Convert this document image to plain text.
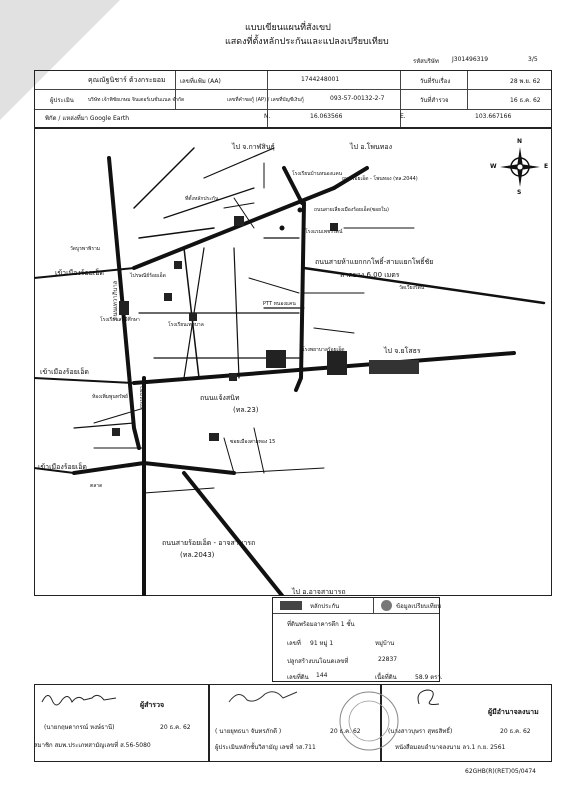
แบบเขียนแผนที่สังเขป
แสดงที่ตั้งหลักประกันและแปลงเปรียบเทียบ
รหัสบริษัท J301496319	3/5
คุณณัฐนิชาร์ ต้วงกระยอม เลขที่แฟ้ม (AA)	1744248001	วันที่รับเรื่อง	28 พ.ย. 62
ผู้ประเมิน	บริษัท เจ้าพิชัยเกษม จินเตอร์เนชั่นแนล จำกัด	เลขที่คำขอกู้ (AP) / เลขที่บัญชีเงินกู้	093-57-00132-2-7	วันที่สำรวจ	16 ธ.ค. 62
พิกัด / แหล่งที่มา Google Earth	N.	16.063566	E.	103.667166
ไป จ.กาฬสินธุ์	ไป อ.โพนทอง
ถนนร้อยเอ็ด - โพนทอง (ทล.2044)
ถนนสายเลี่ยงเมืองร้อยเอ็ด(ซอยใน)
ถนนสายห้าแยกกกโพธิ์-สามแยกโพธิ์ชัย
ลาดยาง 6.00 เมตร
ไป จ.ยโสธร
ถนนแจ้งสนิท
(ทล.23)
เข้าเมืองร้อยเอ็ด
เข้าเมืองร้อยเอ็ด
เข้าเมืองร้อยเอ็ด
ถนนสายร้อยเอ็ด - อาจสามารถ
(ทล.2043)
ไป อ.อาจสามารถ
ถนนเทวาภิบาล
ถนนบูรพา
โรงเรียนบ้านหนองแคน
ที่ตั้งหลักประกัน
โรงแรมเพชรรัตน์
วัดบูรพาพิราม
ไปรษณีย์ร้อยเอ็ด
PTT หนองแคน
โรงเรียนสตรีศึกษา
โรงพยาบาลร้อยเอ็ด
วัดเวียงรัตน์
โรงเรียนเทศบาล
ห้องเพิ่มพูนทรัพย์
ไทย
ซอยเมืองสายทอง 15
ตลาด
N
S
E
W
หลักประกัน	ข้อมูลเปรียบเทียบ
ที่ดินพร้อมอาคารตึก 1 ชั้น
เลขที่ 91 หมู่ 1	หมู่บ้าน
ปลูกสร้างบนโฉนดเลขที่	22837
เลขที่ดิน 144	เนื้อที่ดิน	58.9 ตรว.
ผู้สำรวจ
(นายกฤษดากรณ์ หงษ์ธานี)	20 ธ.ค. 62
สมาชิก สมพ.ประเภทสามัญเลขที่ ส.56-5080
( นายยุทธนา จันทรภักดี )	20 ธ.ค. 62
ผู้ประเมินหลักชั้นวิสามัญ เลขที่ วส.711
ผู้มีอำนาจลงนาม
(นางสาวบุษรา สุทธสิทธิ์)	20 ธ.ค. 62
หนังสือมอบอำนาจลงนาม ลว.1 ก.ย. 2561
62GHB(R)(RET)05/0474
